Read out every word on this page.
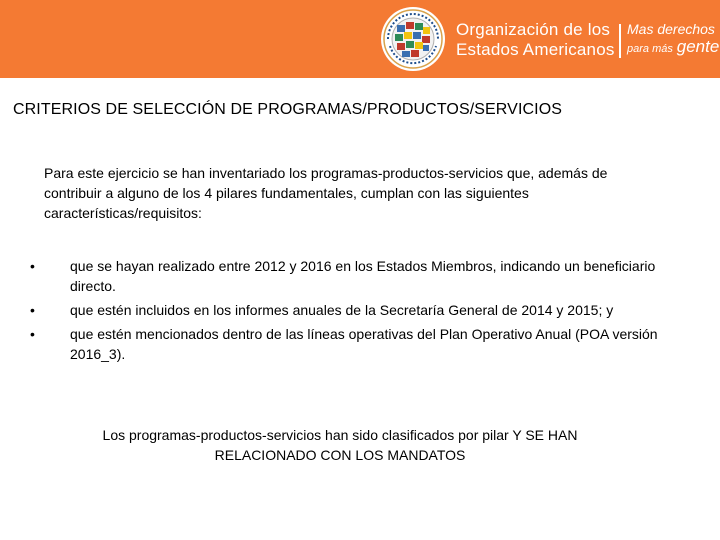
Organización de los
Estados Americanos
Mas derechos
para más gente
CRITERIOS DE SELECCIÓN DE PROGRAMAS/PRODUCTOS/SERVICIOS
Para este ejercicio se han inventariado los programas-productos-servicios que, además de contribuir a alguno de los 4 pilares fundamentales, cumplan con las siguientes características/requisitos:
•	que se hayan realizado entre 2012 y 2016 en los Estados Miembros, indicando un beneficiario directo.
•	que estén incluidos en los informes anuales de la Secretaría General de 2014 y 2015; y
•	que estén mencionados dentro de las líneas operativas del Plan Operativo Anual (POA versión 2016_3).
Los programas-productos-servicios han sido clasificados por pilar Y SE HAN RELACIONADO CON LOS MANDATOS
